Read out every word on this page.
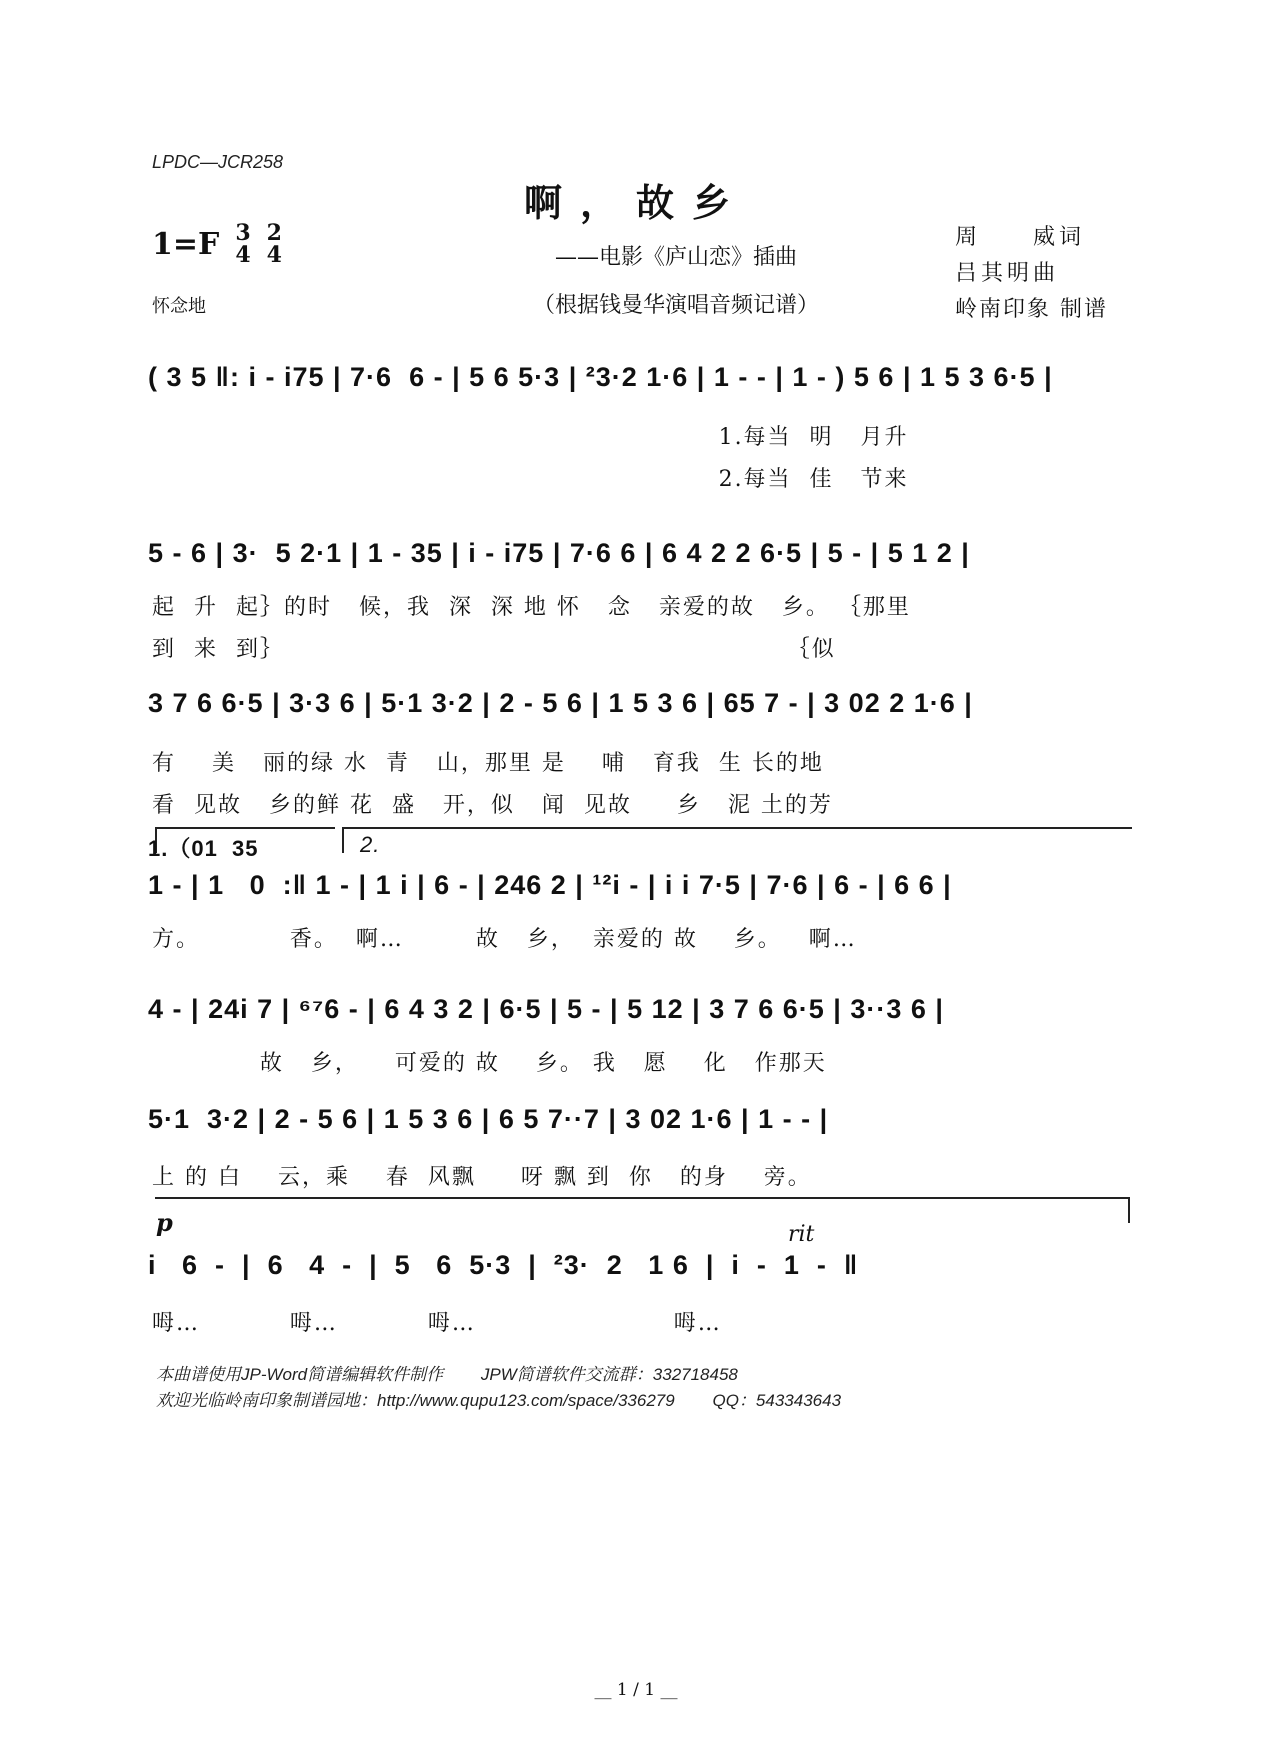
LPDC—JCR258
啊，故乡
1=F 3
4
2
4	——电影《庐山恋》插曲
（根据钱曼华演唱音频记谱）
怀念地
周　　威词
吕其明曲
岭南印象 制谱
( 3 5 ‖: i - i75 | 7·6  6 - | 5 6 5·3 | ²3·2 1·6 | 1 - - | 1 - ) 5 6 | 1 5 3 6·5 |
1.每当  明   月升
2.每当  佳   节来
5 - 6 | 3·  5 2·1 | 1 - 35 | i - i75 | 7·6 6 | 6 4 2 2 6·5 | 5 - | 5 1 2 |
起  升  起｝的时   候，我  深  深 地 怀   念   亲爱的故   乡。 ｛那里
到  来  到｝                                                        ｛似
3 7 6 6·5 | 3·3 6 | 5·1 3·2 | 2 - 5 6 | 1 5 3 6 | 65 7 - | 3 02 2 1·6 |
有    美   丽的绿 水  青   山，那里 是    哺   育我  生 长的地
看  见故   乡的鲜 花  盛   开，似   闻  见故     乡   泥 土的芳
1.（01  35	2.
1 - | 1   0  :‖ 1 - | 1 i | 6 - | 246 2 | ¹²i - | i i 7·5 | 7·6 | 6 - | 6 6 |
方。          香。  啊…        故   乡，  亲爱的 故    乡。   啊…
4 - | 24i 7 | ⁶⁷6 - | 6 4 3 2 | 6·5 | 5 - | 5 12 | 3 7 6 6·5 | 3··3 6 |
故   乡，    可爱的 故    乡。 我   愿    化   作那天
5·1  3·2 | 2 - 5 6 | 1 5 3 6 | 6 5 7··7 | 3 02 1·6 | 1 - - |
上 的 白    云，乘    春  风飘     呀 飘 到  你   的身    旁。
p	rit
i   6  -  |  6   4  -  |  5   6  5·3  |  ²3·  2   1 6  |  i  -  1  -  ‖
呣…          呣…          呣…                      呣…
本曲谱使用JP-Word简谱编辑软件制作        JPW简谱软件交流群：332718458
欢迎光临岭南印象制谱园地：http://www.qupu123.com/space/336279        QQ：543343643
__ 1 / 1 __
